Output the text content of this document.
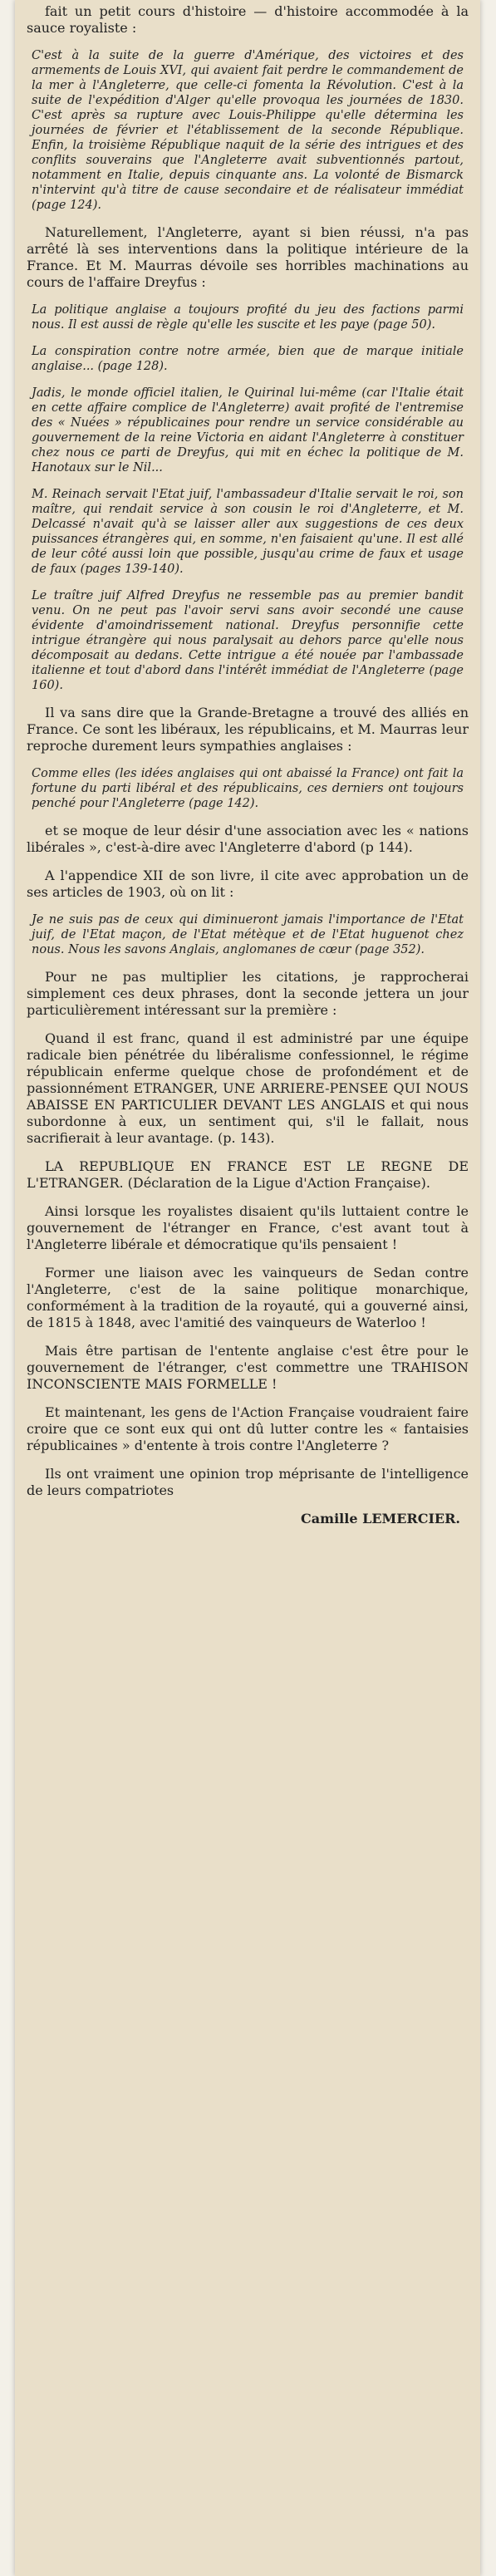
fait un petit cours d'histoire — d'histoire accommodée à la sauce royaliste :

C'est à la suite de la guerre d'Amérique, des victoires et des armements de Louis XVI, qui avaient fait perdre le commandement de la mer à l'Angleterre, que celle-ci fomenta la Révolution. C'est à la suite de l'expédition d'Alger qu'elle provoqua les journées de 1830. C'est après sa rupture avec Louis-Philippe qu'elle détermina les journées de février et l'établissement de la seconde République. Enfin, la troisième République naquit de la série des intrigues et des conflits souverains que l'Angleterre avait subventionnés partout, notamment en Italie, depuis cinquante ans. La volonté de Bismarck n'intervint qu'à titre de cause secondaire et de réalisateur immédiat (page 124).

Naturellement, l'Angleterre, ayant si bien réussi, n'a pas arrêté là ses interventions dans la politique intérieure de la France. Et M. Maurras dévoile ses horribles machinations au cours de l'affaire Dreyfus :

La politique anglaise a toujours profité du jeu des factions parmi nous. Il est aussi de règle qu'elle les suscite et les paye (page 50).

La conspiration contre notre armée, bien que de marque initiale anglaise... (page 128).

Jadis, le monde officiel italien, le Quirinal lui-même (car l'Italie était en cette affaire complice de l'Angleterre) avait profité de l'entremise des « Nuées » républicaines pour rendre un service considérable au gouvernement de la reine Victoria en aidant l'Angleterre à constituer chez nous ce parti de Dreyfus, qui mit en échec la politique de M. Hanotaux sur le Nil...

M. Reinach servait l'Etat juif, l'ambassadeur d'Italie servait le roi, son maître, qui rendait service à son cousin le roi d'Angleterre, et M. Delcassé n'avait qu'à se laisser aller aux suggestions de ces deux puissances étrangères qui, en somme, n'en faisaient qu'une. Il est allé de leur côté aussi loin que possible, jusqu'au crime de faux et usage de faux (pages 139-140).

Le traître juif Alfred Dreyfus ne ressemble pas au premier bandit venu. On ne peut pas l'avoir servi sans avoir secondé une cause évidente d'amoindrissement national. Dreyfus personnifie cette intrigue étrangère qui nous paralysait au dehors parce qu'elle nous décomposait au dedans. Cette intrigue a été nouée par l'ambassade italienne et tout d'abord dans l'intérêt immédiat de l'Angleterre (page 160).

Il va sans dire que la Grande-Bretagne a trouvé des alliés en France. Ce sont les libéraux, les républicains, et M. Maurras leur reproche durement leurs sympathies anglaises :

Comme elles (les idées anglaises qui ont abaissé la France) ont fait la fortune du parti libéral et des républicains, ces derniers ont toujours penché pour l'Angleterre (page 142).

et se moque de leur désir d'une association avec les « nations libérales », c'est-à-dire avec l'Angleterre d'abord (p 144).

A l'appendice XII de son livre, il cite avec approbation un de ses articles de 1903, où on lit :

Je ne suis pas de ceux qui diminueront jamais l'importance de l'Etat juif, de l'Etat maçon, de l'Etat métèque et de l'Etat huguenot chez nous. Nous les savons Anglais, anglomanes de cœur (page 352).

Pour ne pas multiplier les citations, je rapprocherai simplement ces deux phrases, dont la seconde jettera un jour particulièrement intéressant sur la première :

Quand il est franc, quand il est administré par une équipe radicale bien pénétrée du libéralisme confessionnel, le régime républicain enferme quelque chose de profondément et de passionnément ETRANGER, UNE ARRIERE-PENSEE QUI NOUS ABAISSE EN PARTICULIER DEVANT LES ANGLAIS et qui nous subordonne à eux, un sentiment qui, s'il le fallait, nous sacrifierait à leur avantage. (p. 143).

LA REPUBLIQUE EN FRANCE EST LE REGNE DE L'ETRANGER. (Déclaration de la Ligue d'Action Française).

Ainsi lorsque les royalistes disaient qu'ils luttaient contre le gouvernement de l'étranger en France, c'est avant tout à l'Angleterre libérale et démocratique qu'ils pensaient !

Former une liaison avec les vainqueurs de Sedan contre l'Angleterre, c'est de la saine politique monarchique, conformément à la tradition de la royauté, qui a gouverné ainsi, de 1815 à 1848, avec l'amitié des vainqueurs de Waterloo !

Mais être partisan de l'entente anglaise c'est être pour le gouvernement de l'étranger, c'est commettre une TRAHISON INCONSCIENTE MAIS FORMELLE !

Et maintenant, les gens de l'Action Française voudraient faire croire que ce sont eux qui ont dû lutter contre les « fantaisies républicaines » d'entente à trois contre l'Angleterre ?

Ils ont vraiment une opinion trop méprisante de l'intelligence de leurs compatriotes

Camille LEMERCIER.
